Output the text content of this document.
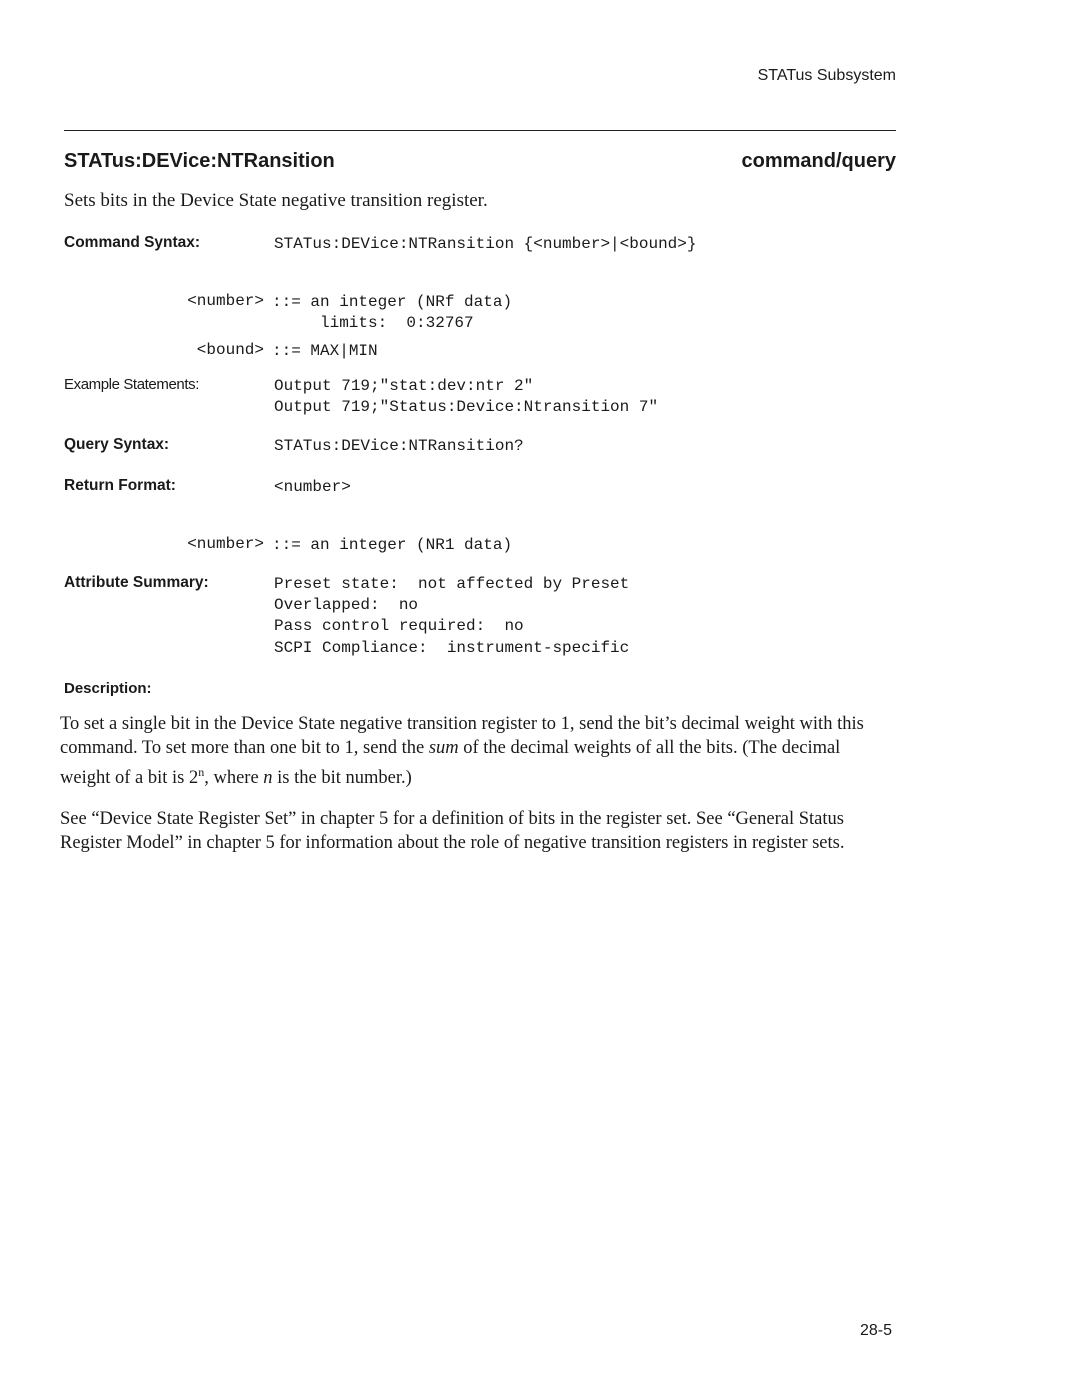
STATus Subsystem
STATus:DEVice:NTRansition	command/query
Sets bits in the Device State negative transition register.
Command Syntax:	STATus:DEVice:NTRansition {<number>|<bound>}
<number> ::= an integer (NRf data)
limits:  0:32767
<bound> ::= MAX|MIN
Example Statements:	Output 719;"stat:dev:ntr 2"
Output 719;"Status:Device:Ntransition 7"
Query Syntax:	STATus:DEVice:NTRansition?
Return Format:	<number>
<number> ::= an integer (NR1 data)
Attribute Summary:	Preset state:  not affected by Preset
Overlapped:  no
Pass control required:  no
SCPI Compliance:  instrument-specific
Description:

To set a single bit in the Device State negative transition register to 1, send the bit’s decimal weight with this command. To set more than one bit to 1, send the sum of the decimal weights of all the bits. (The decimal weight of a bit is 2$^n$, where n is the bit number.)

See “Device State Register Set” in chapter 5 for a definition of bits in the register set. See “General Status Register Model” in chapter 5 for information about the role of negative transition registers in register sets.

28-5
